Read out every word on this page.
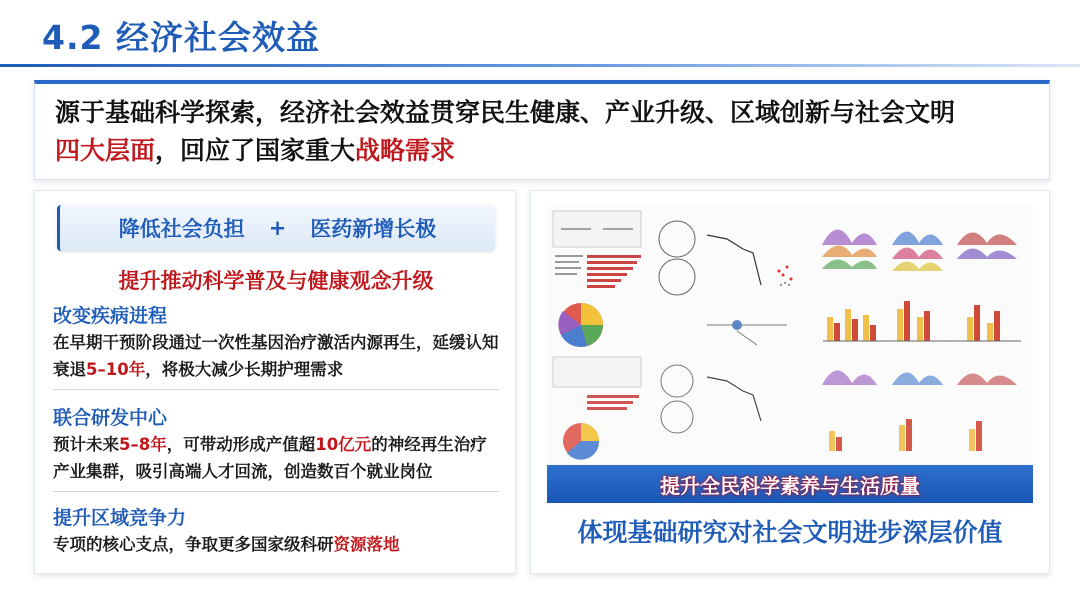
4.2 经济社会效益

源于基础科学探索，经济社会效益贯穿民生健康、产业升级、区域创新与社会文明

四大层面，回应了国家重大战略需求

降低社会负担 + 医药新增长极
提升推动科学普及与健康观念升级
改变疾病进程
在早期干预阶段通过一次性基因治疗激活内源再生，延缓认知衰退5–10年，将极大减少长期护理需求
联合研发中心
预计未来5–8年，可带动形成产值超10亿元的神经再生治疗产业集群，吸引高端人才回流，创造数百个就业岗位
提升区域竞争力
专项的核心支点，争取更多国家级科研资源落地
提升全民科学素养与生活质量
体现基础研究对社会文明进步深层价值
